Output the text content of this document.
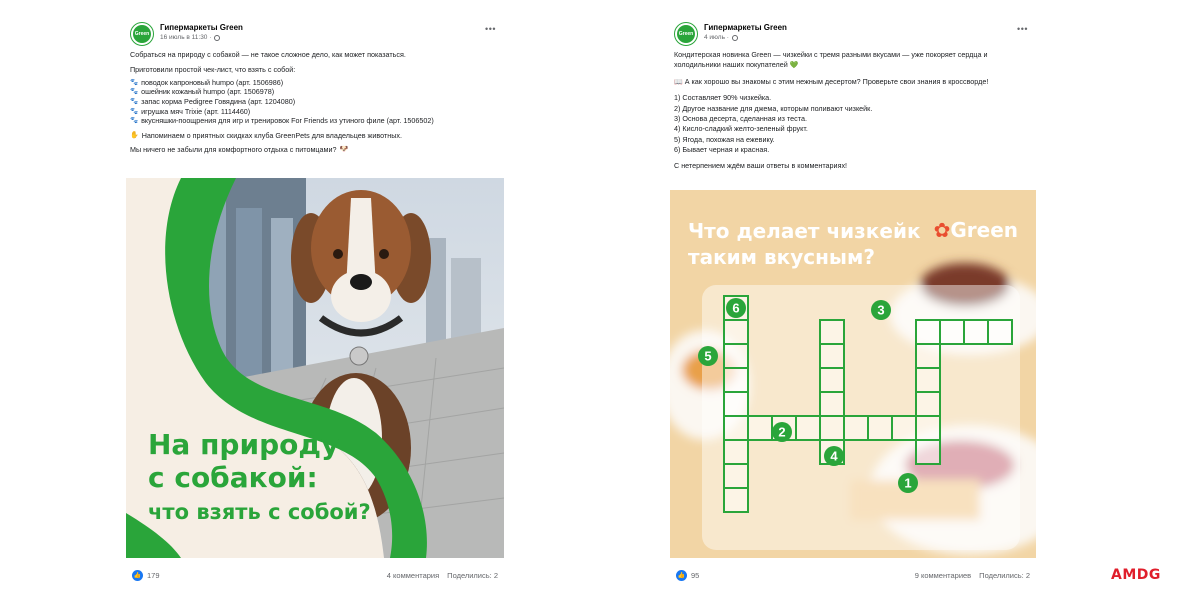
Green
Гипермаркеты Green
16 июль в 11:30 ·
•••

Собраться на природу с собакой — не такое сложное дело, как может показаться.

Приготовили простой чек-лист, что взять с собой:

🐾 поводок капроновый humpo (арт. 1506986)
🐾 ошейник кожаный humpo (арт. 1506978)
🐾 запас корма Pedigree Говядина (арт. 1204080)
🐾 игрушка мяч Trixie (арт. 1114460)
🐾 вкусняшки-поощрения для игр и тренировок For Friends из утиного филе (арт. 1506502)

✋ Напоминаем о приятных скидках клуба GreenPets для владельцев животных.

Мы ничего не забыли для комфортного отдыха с питомцами? 🐶

На природу
с собакой:
что взять с собой?
👍 179	4 комментария Поделились: 2
Green
Гипермаркеты Green
4 июль ·
•••

Кондитерская новинка Green — чизкейки с тремя разными вкусами — уже покоряет сердца и холодильники наших покупателей 💚

📖 А как хорошо вы знакомы с этим нежным десертом? Проверьте свои знания в кроссворде!

1) Составляет 90% чизкейка.
2) Другое название для джема, которым поливают чизкейк.
3) Основа десерта, сделанная из теста.
4) Кисло-сладкий желто-зеленый фрукт.
5) Ягода, похожая на ежевику.
6) Бывает черная и красная.

С нетерпением ждём ваши ответы в комментариях!

6
5
3
2
4
1
Что делает чизкейк
таким вкусным?
✿Green
👍 95	9 комментариев Поделились: 2	AMDG
